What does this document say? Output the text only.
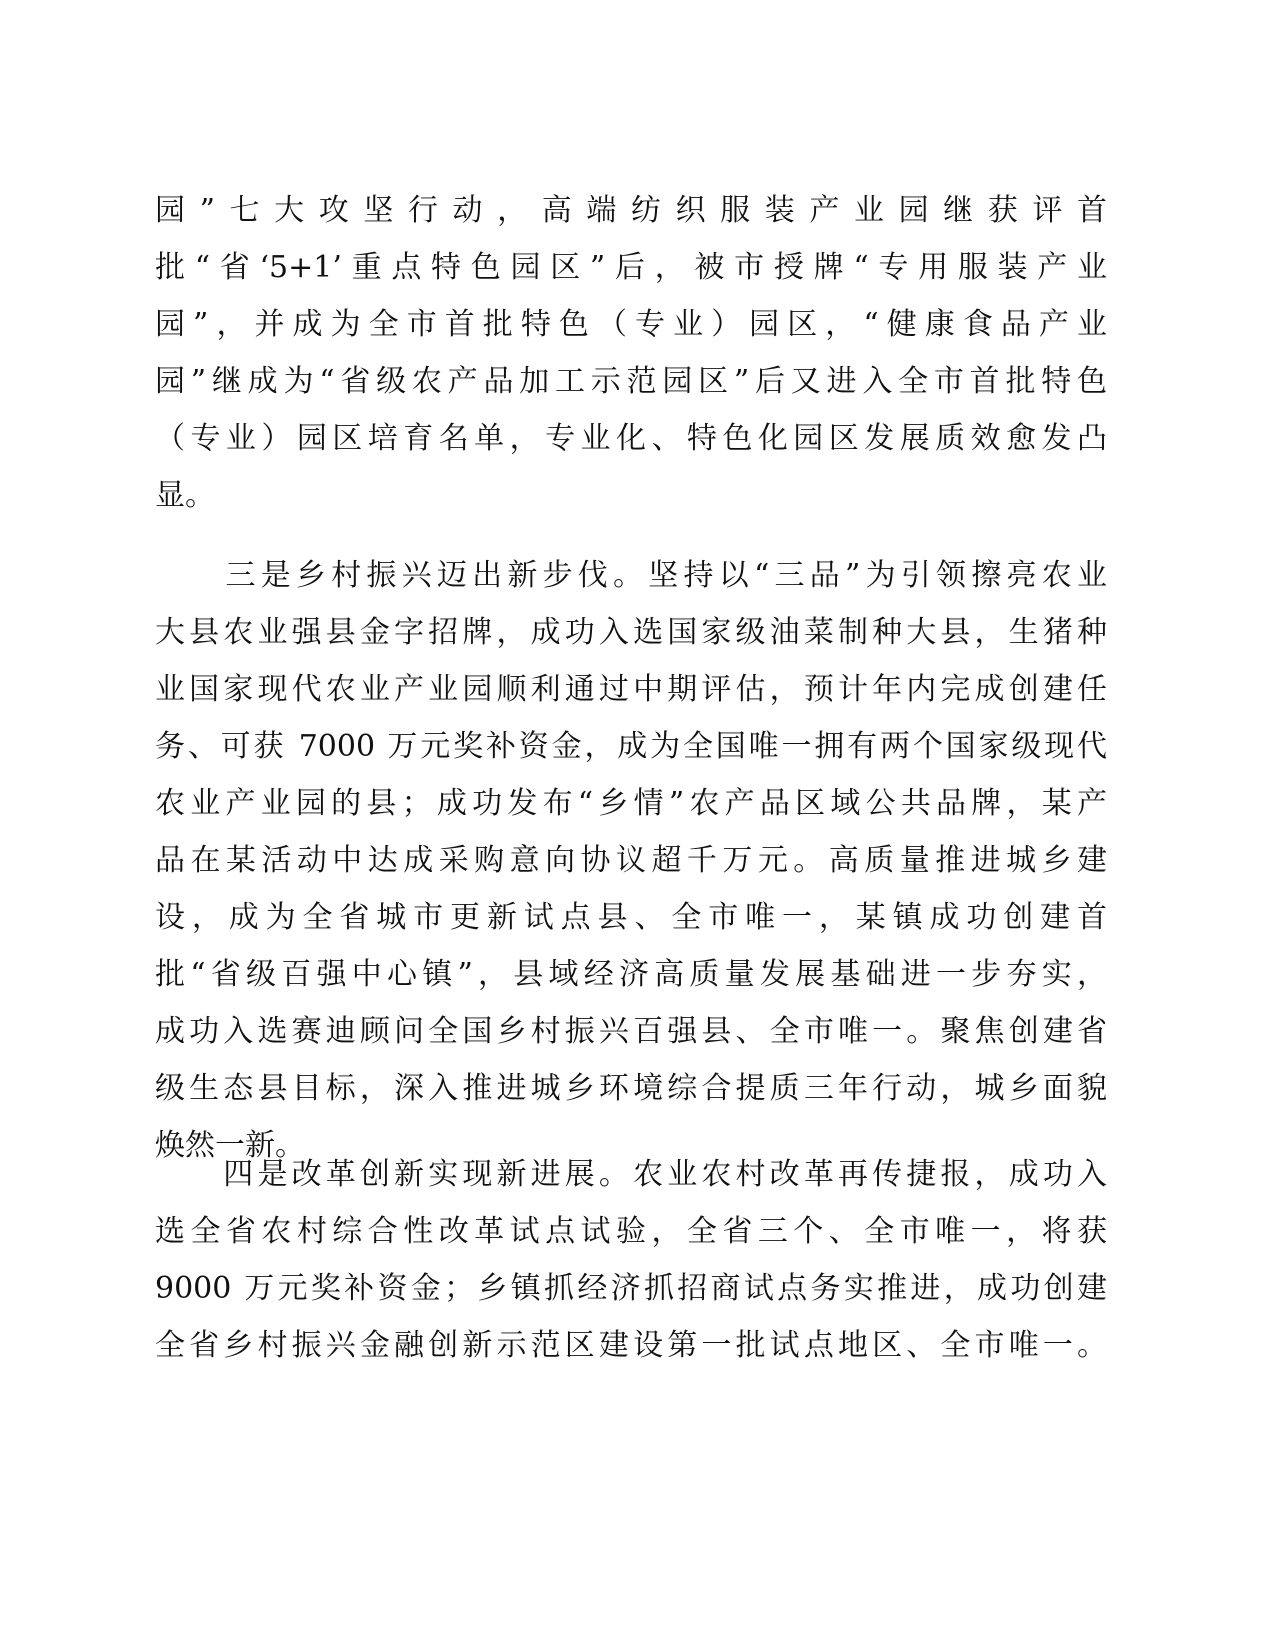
园”七大攻坚行动，高端纺织服装产业园继获评首
批“省‘5+1’重点特色园区”后，被市授牌“专用服装产业
园”，并成为全市首批特色（专业）园区，“健康食品产业
园”继成为“省级农产品加工示范园区”后又进入全市首批特色
（专业）园区培育名单，专业化、特色化园区发展质效愈发凸
显。
　　三是乡村振兴迈出新步伐。坚持以“三品”为引领擦亮农业
大县农业强县金字招牌，成功入选国家级油菜制种大县，生猪种
业国家现代农业产业园顺利通过中期评估，预计年内完成创建任
务、可获 7000 万元奖补资金，成为全国唯一拥有两个国家级现代
农业产业园的县；成功发布“乡情”农产品区域公共品牌，某产
品在某活动中达成采购意向协议超千万元。高质量推进城乡建
设，成为全省城市更新试点县、全市唯一，某镇成功创建首
批“省级百强中心镇”，县域经济高质量发展基础进一步夯实，
成功入选赛迪顾问全国乡村振兴百强县、全市唯一。聚焦创建省
级生态县目标，深入推进城乡环境综合提质三年行动，城乡面貌
焕然一新。
　　四是改革创新实现新进展。农业农村改革再传捷报，成功入
选全省农村综合性改革试点试验，全省三个、全市唯一，将获
9000 万元奖补资金；乡镇抓经济抓招商试点务实推进，成功创建
全省乡村振兴金融创新示范区建设第一批试点地区、全市唯一。
